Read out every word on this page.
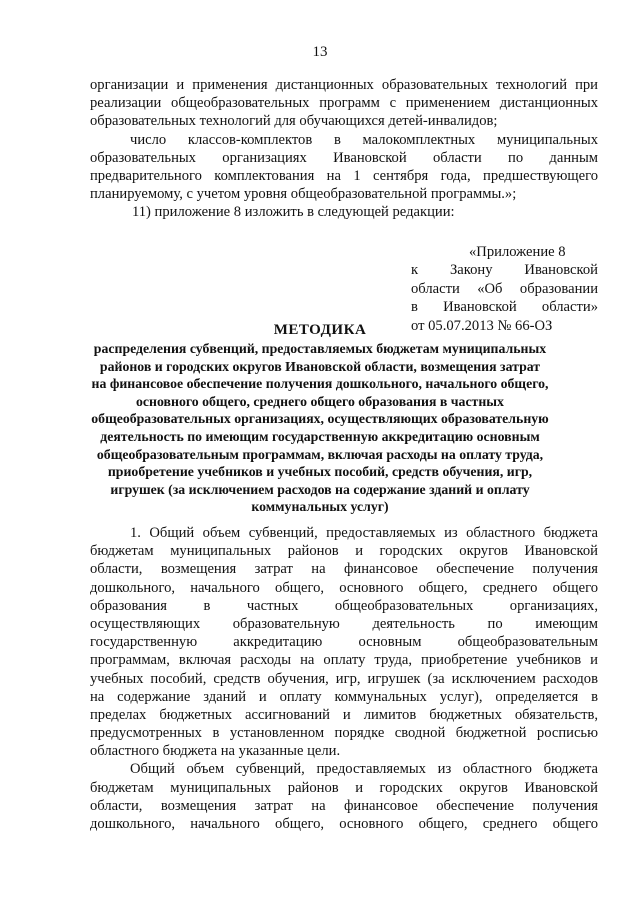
13
организации и применения дистанционных образовательных технологий при
реализации общеобразовательных программ с применением дистанционных
образовательных технологий для обучающихся детей-инвалидов;
число классов-комплектов в малокомплектных муниципальных
образовательных организациях Ивановской области по данным
предварительного комплектования на 1 сентября года, предшествующего
планируемому, с учетом уровня общеобразовательной программы.»;
11) приложение 8 изложить в следующей редакции:
«Приложение 8
к Закону Ивановской
области «Об образовании
в Ивановской области»
от 05.07.2013 № 66-ОЗ
МЕТОДИКА
распределения субвенций, предоставляемых бюджетам муниципальных
районов и городских округов Ивановской области, возмещения затрат
на финансовое обеспечение получения дошкольного, начального общего,
основного общего, среднего общего образования в частных
общеобразовательных организациях, осуществляющих образовательную
деятельность по имеющим государственную аккредитацию основным
общеобразовательным программам, включая расходы на оплату труда,
приобретение учебников и учебных пособий, средств обучения, игр,
игрушек (за исключением расходов на содержание зданий и оплату
коммунальных услуг)
1. Общий объем субвенций, предоставляемых из областного бюджета
бюджетам муниципальных районов и городских округов Ивановской
области, возмещения затрат на финансовое обеспечение получения
дошкольного, начального общего, основного общего, среднего общего
образования в частных общеобразовательных организациях,
осуществляющих образовательную деятельность по имеющим
государственную аккредитацию основным общеобразовательным
программам, включая расходы на оплату труда, приобретение учебников и
учебных пособий, средств обучения, игр, игрушек (за исключением расходов
на содержание зданий и оплату коммунальных услуг), определяется в
пределах бюджетных ассигнований и лимитов бюджетных обязательств,
предусмотренных в установленном порядке сводной бюджетной росписью
областного бюджета на указанные цели.
Общий объем субвенций, предоставляемых из областного бюджета
бюджетам муниципальных районов и городских округов Ивановской
области, возмещения затрат на финансовое обеспечение получения
дошкольного, начального общего, основного общего, среднего общего
